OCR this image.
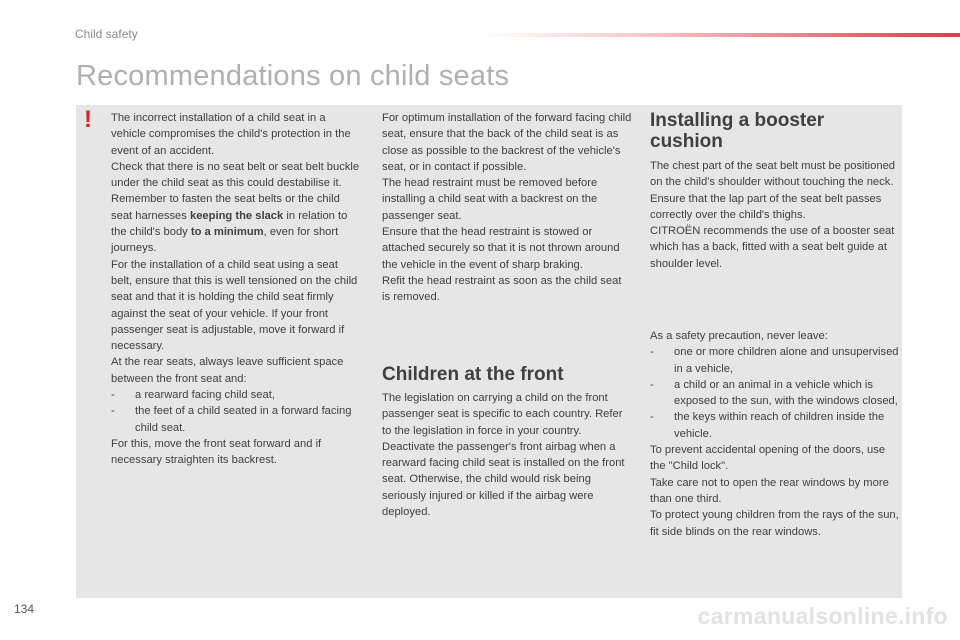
Child safety
Recommendations on child seats
! The incorrect installation of a child seat in a vehicle compromises the child's protection in the event of an accident.

Check that there is no seat belt or seat belt buckle under the child seat as this could destabilise it.

Remember to fasten the seat belts or the child seat harnesses keeping the slack in relation to the child's body to a minimum, even for short journeys.

For the installation of a child seat using a seat belt, ensure that this is well tensioned on the child seat and that it is holding the child seat firmly against the seat of your vehicle. If your front passenger seat is adjustable, move it forward if necessary.

At the rear seats, always leave sufficient space between the front seat and:

- a rearward facing child seat,

- the feet of a child seated in a forward facing child seat.

For this, move the front seat forward and if necessary straighten its backrest.

For optimum installation of the forward facing child seat, ensure that the back of the child seat is as close as possible to the backrest of the vehicle's seat, or in contact if possible.

The head restraint must be removed before installing a child seat with a backrest on the passenger seat.

Ensure that the head restraint is stowed or attached securely so that it is not thrown around the vehicle in the event of sharp braking.

Refit the head restraint as soon as the child seat is removed.

Children at the front

The legislation on carrying a child on the front passenger seat is specific to each country. Refer to the legislation in force in your country.

Deactivate the passenger's front airbag when a rearward facing child seat is installed on the front seat. Otherwise, the child would risk being seriously injured or killed if the airbag were deployed.

Installing a booster cushion

The chest part of the seat belt must be positioned on the child's shoulder without touching the neck.

Ensure that the lap part of the seat belt passes correctly over the child's thighs.

CITROËN recommends the use of a booster seat which has a back, fitted with a seat belt guide at shoulder level.

As a safety precaution, never leave:

- one or more children alone and unsupervised in a vehicle,

- a child or an animal in a vehicle which is exposed to the sun, with the windows closed,

- the keys within reach of children inside the vehicle.

To prevent accidental opening of the doors, use the "Child lock".

Take care not to open the rear windows by more than one third.

To protect young children from the rays of the sun, fit side blinds on the rear windows.

134	carmanualsonline.info
